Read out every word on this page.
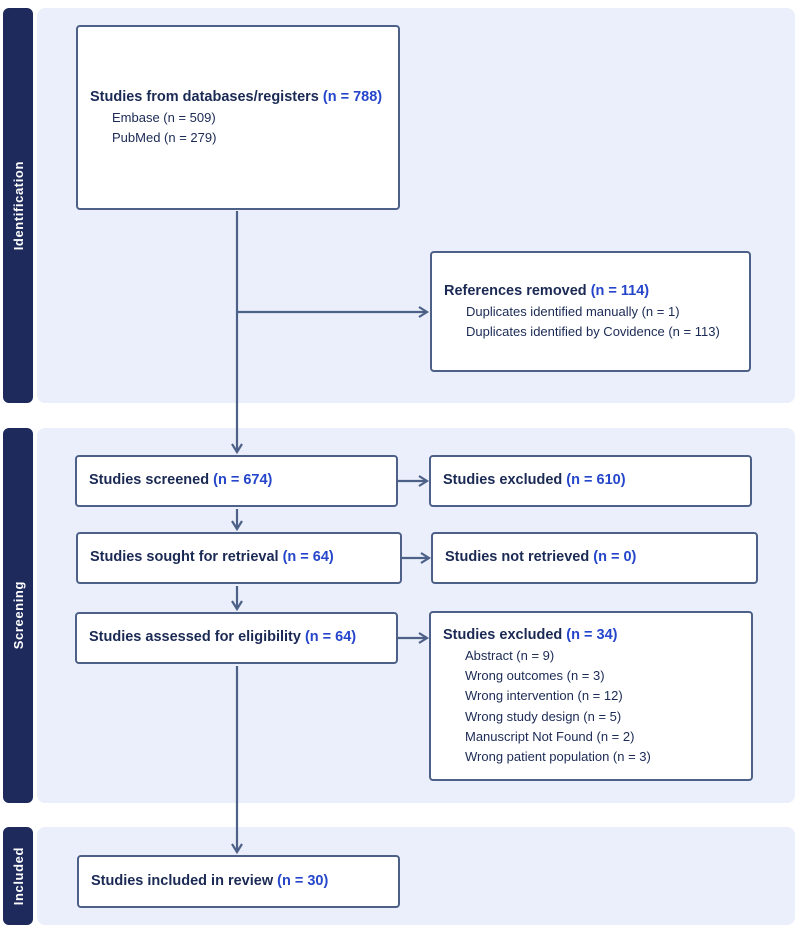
Identification
Screening
Included
Studies from databases/registers (n = 788)
Embase (n = 509)
PubMed (n = 279)
References removed (n = 114)
Duplicates identified manually (n = 1)
Duplicates identified by Covidence (n = 113)
Studies screened (n = 674)	Studies excluded (n = 610)
Studies sought for retrieval (n = 64)	Studies not retrieved (n = 0)
Studies assessed for eligibility (n = 64)	Studies excluded (n = 34)
Abstract (n = 9)
Wrong outcomes (n = 3)
Wrong intervention (n = 12)
Wrong study design (n = 5)
Manuscript Not Found (n = 2)
Wrong patient population (n = 3)
Studies included in review (n = 30)
